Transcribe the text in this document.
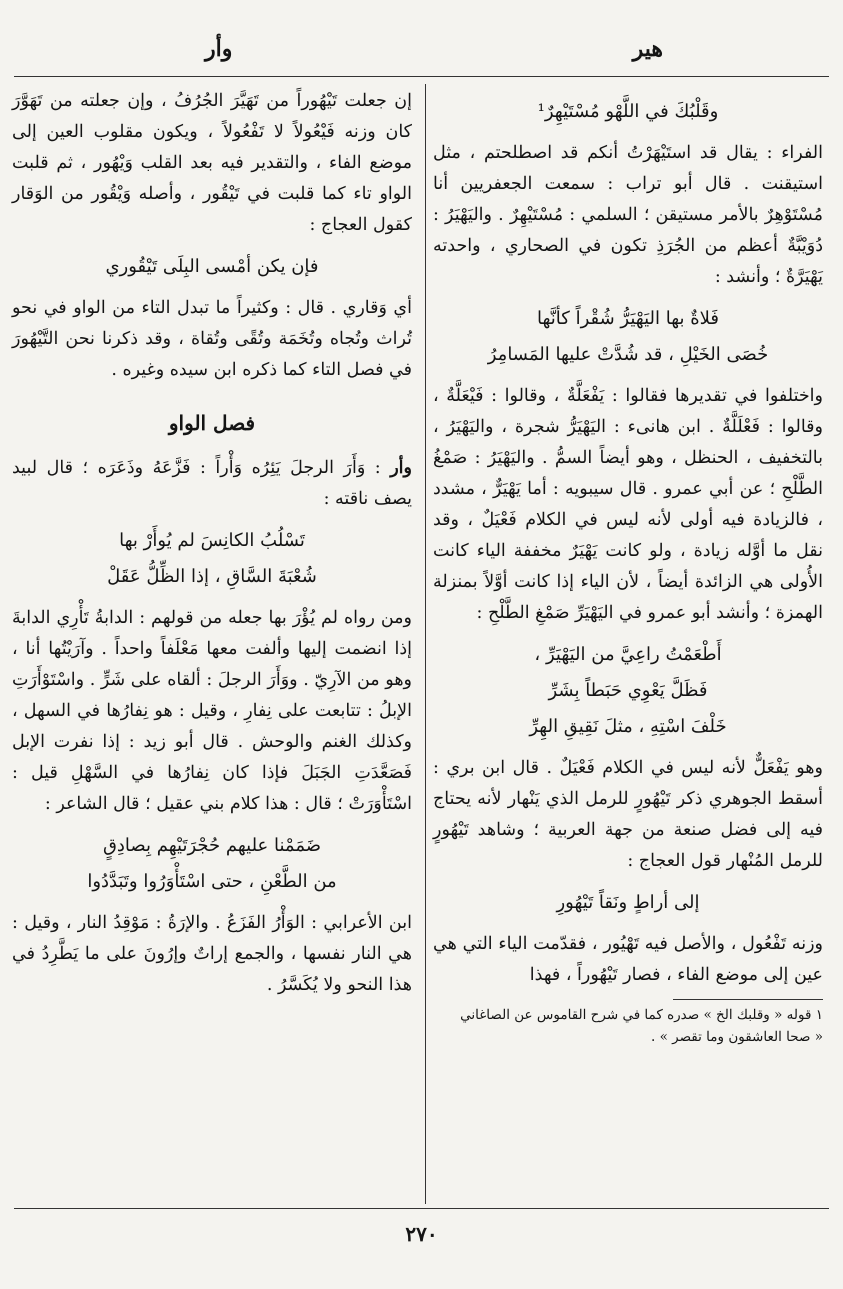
هير
وأر
وقَلْبُكَ في اللَّهْو مُسْتَيْهِرٌ¹

الفراء : يقال قد استَيْهَرْتُ أنكم قد اصطلحتم ، مثل استيقنت . قال أبو تراب : سمعت الجعفريين أنا مُسْتَوْهِرٌ بالأمر مستيقن ؛ السلمي : مُسْتَيْهِرٌ . واليَهْيَرُ : دُوَيْبَّةٌ أعظم من الجُرَذِ تكون في الصحاري ، واحدته يَهْيَرَّةٌ ؛ وأنشد :

فَلاةٌ بها اليَهْيَرُّ شُقْراً كأنَّها
خُصَى الخَيْلِ ، قد شُدَّتْ عليها المَسامِرُ

واختلفوا في تقديرها فقالوا : يَفْعَلَّةٌ ، وقالوا : فَيْعَلَّةٌ ، وقالوا : فَعْلَلَّةٌ . ابن هانىء : اليَهْيَرُّ شجرة ، واليَهْيَرُ ، بالتخفيف ، الحنظل ، وهو أيضاً السمُّ . واليَهْيَرُ : صَمْغُ الطَّلْحِ ؛ عن أبي عمرو . قال سيبويه : أما يَهْيَرٌّ ، مشدد ، فالزيادة فيه أولى لأنه ليس في الكلام فَعْيَلٌ ، وقد نقل ما أوَّله زيادة ، ولو كانت يَهْيَرٌ مخففة الياء كانت الأُولى هي الزائدة أيضاً ، لأن الياء إذا كانت أوَّلاً بمنزلة الهمزة ؛ وأنشد أبو عمرو في اليَهْيَرِّ صَمْغِ الطَّلْحِ :

أَطْعَمْتُ راعِيَّ من اليَهْيَرِّ ،
فَظَلَّ يَعْوِي حَبَطاً بِشَرِّ
خَلْفَ اسْتِهِ ، مثلَ نَقِيقِ الهِرِّ

وهو يَفْعَلٌّ لأنه ليس في الكلام فَعْيَلٌ . قال ابن بري : أسقط الجوهري ذكر تَيْهُورٍ للرمل الذي يَنْهار لأنه يحتاج فيه إلى فضل صنعة من جهة العربية ؛ وشاهد تَيْهُورٍ للرمل المُنْهار قول العجاج :

إلى أراطٍ ونَقاً تَيْهُورِ

وزنه تَفْعُول ، والأصل فيه تَهْيُور ، فقدّمت الياء التي هي عين إلى موضع الفاء ، فصار تَيْهُوراً ، فهذا

١ قوله « وقلبك الخ » صدره كما في شرح القاموس عن الصاغاني
« صحا العاشقون وما تقصر » .

إن جعلت تَيْهُوراً من تَهَيَّرَ الجُرُفُ ، وإن جعلته من تَهَوَّرَ كان وزنه فَيْعُولاً لا تَفْعُولاً ، ويكون مقلوب العين إلى موضع الفاء ، والتقدير فيه بعد القلب وَيْهُور ، ثم قلبت الواو تاء كما قلبت في تَيْقُور ، وأصله وَيْقُور من الوَقار كقول العجاج :

فإن يكن أمْسى البِلَى تَيْقُوري

أي وَقاري . قال : وكثيراً ما تبدل التاء من الواو في نحو تُراث وتُجاه وتُخَمَة وتُقًى وتُقاة ، وقد ذكرنا نحن التَّيْهُورَ في فصل التاء كما ذكره ابن سيده وغيره .

فصل الواو

وأر : وَأَرَ الرجلَ يَئِرُه وَأْراً : فَزَّعَهُ وذَعَرَه ؛ قال لبيد يصف ناقته :

تَسْلُبُ الكانِسَ لم يُوأَرْ بها
شُعْبَةَ السَّاقِ ، إذا الظِّلُّ عَقَلْ

ومن رواه لم يُؤْرَ بها جعله من قولهم : الدابةُ تَأْرِي الدابةَ إذا انضمت إليها وألفت معها مَعْلَفاً واحداً . وآرَيْتُها أنا ، وهو من الآرِيّ . ووَأَرَ الرجلَ : ألقاه على شَرٍّ . واسْتَوْأَرَتِ الإبلُ : تتابعت على نِفارِ ، وقيل : هو نِفارُها في السهل ، وكذلك الغنم والوحش . قال أبو زيد : إذا نفرت الإبل فَصَعَّدَتِ الجَبَلَ فإذا كان نِفارُها في السَّهْلِ قيل : اسْتَأْوَرَتْ ؛ قال : هذا كلام بني عقيل ؛ قال الشاعر :

ضَمَمْنا عليهم حُجْرَتَيْهِم بِصادِقٍ
من الطَّعْنِ ، حتى اسْتَأْوَرُوا وتَبَدَّدُوا

ابن الأعرابي : الوَأْرُ الفَزَعُ . والإرَةُ : مَوْقِدُ النار ، وقيل : هي النار نفسها ، والجمع إراتٌ وإرُونَ على ما يَطَّرِدُ في هذا النحو ولا يُكَسَّرُ .

٢٧٠
